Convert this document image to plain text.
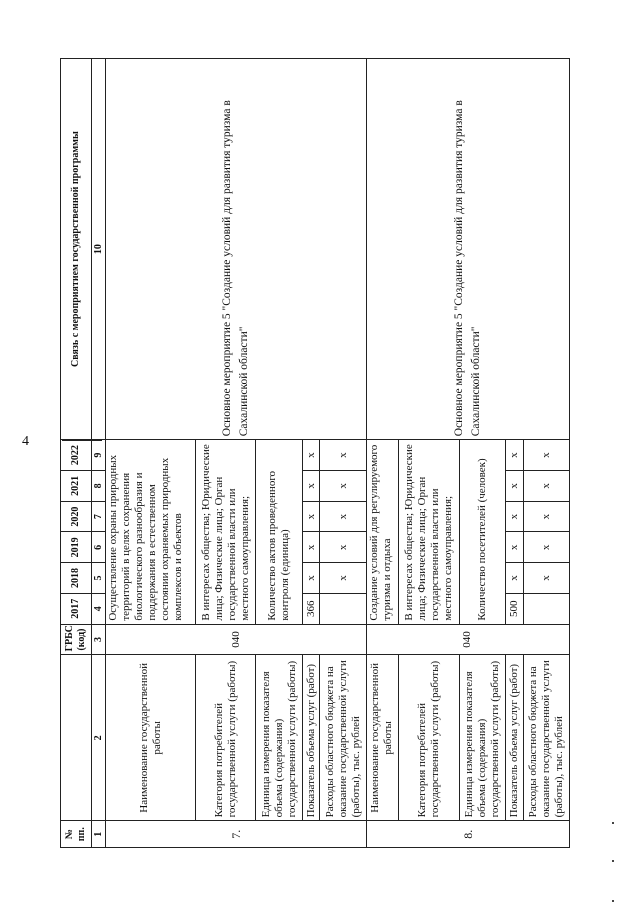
4
№ пп.		ГРБС (код)	2017	2018	2019	2020	2021	2022	Связь с мероприятием государственной программы
1	2	3	4	5	6	7	8	9	10
7.	Наименование государственной работы	040	Осуществление охраны природных территорий в целях сохранения биологического разнообразия и поддержания в естественном состоянии охраняемых природных комплексов и объектов						Основное мероприятие 5 "Создание условий для развития туризма в Сахалинской области"
	Категория потребителей государственной услуги (работы)		В интересах общества; Юридические лица; Физические лица; Орган государственной власти или местного самоуправления;						
	Единица измерения показателя объема (содержания) государственной услуги (работы)		Количество актов проведенного контроля (единица)						
	Показатель объема услуг (работ)		366	x	x	x	x	x	
	Расходы областного бюджета на оказание государственной услуги (работы), тыс. рублей			x	x	x	x	x	
8.	Наименование государственной работы	040	Создание условий для регулируемого туризма и отдыха						Основное мероприятие 5 "Создание условий для развития туризма в Сахалинской области"
	Категория потребителей государственной услуги (работы)		В интересах общества; Юридические лица; Физические лица; Орган государственной власти или местного самоуправления;						
	Единица измерения показателя объема (содержания) государственной услуги (работы)		Количество посетителей (человек)						
	Показатель объема услуг (работ)		500	x	x	x	x	x	
	Расходы областного бюджета на оказание государственной услуги (работы), тыс. рублей			x	x	x	x	x	
